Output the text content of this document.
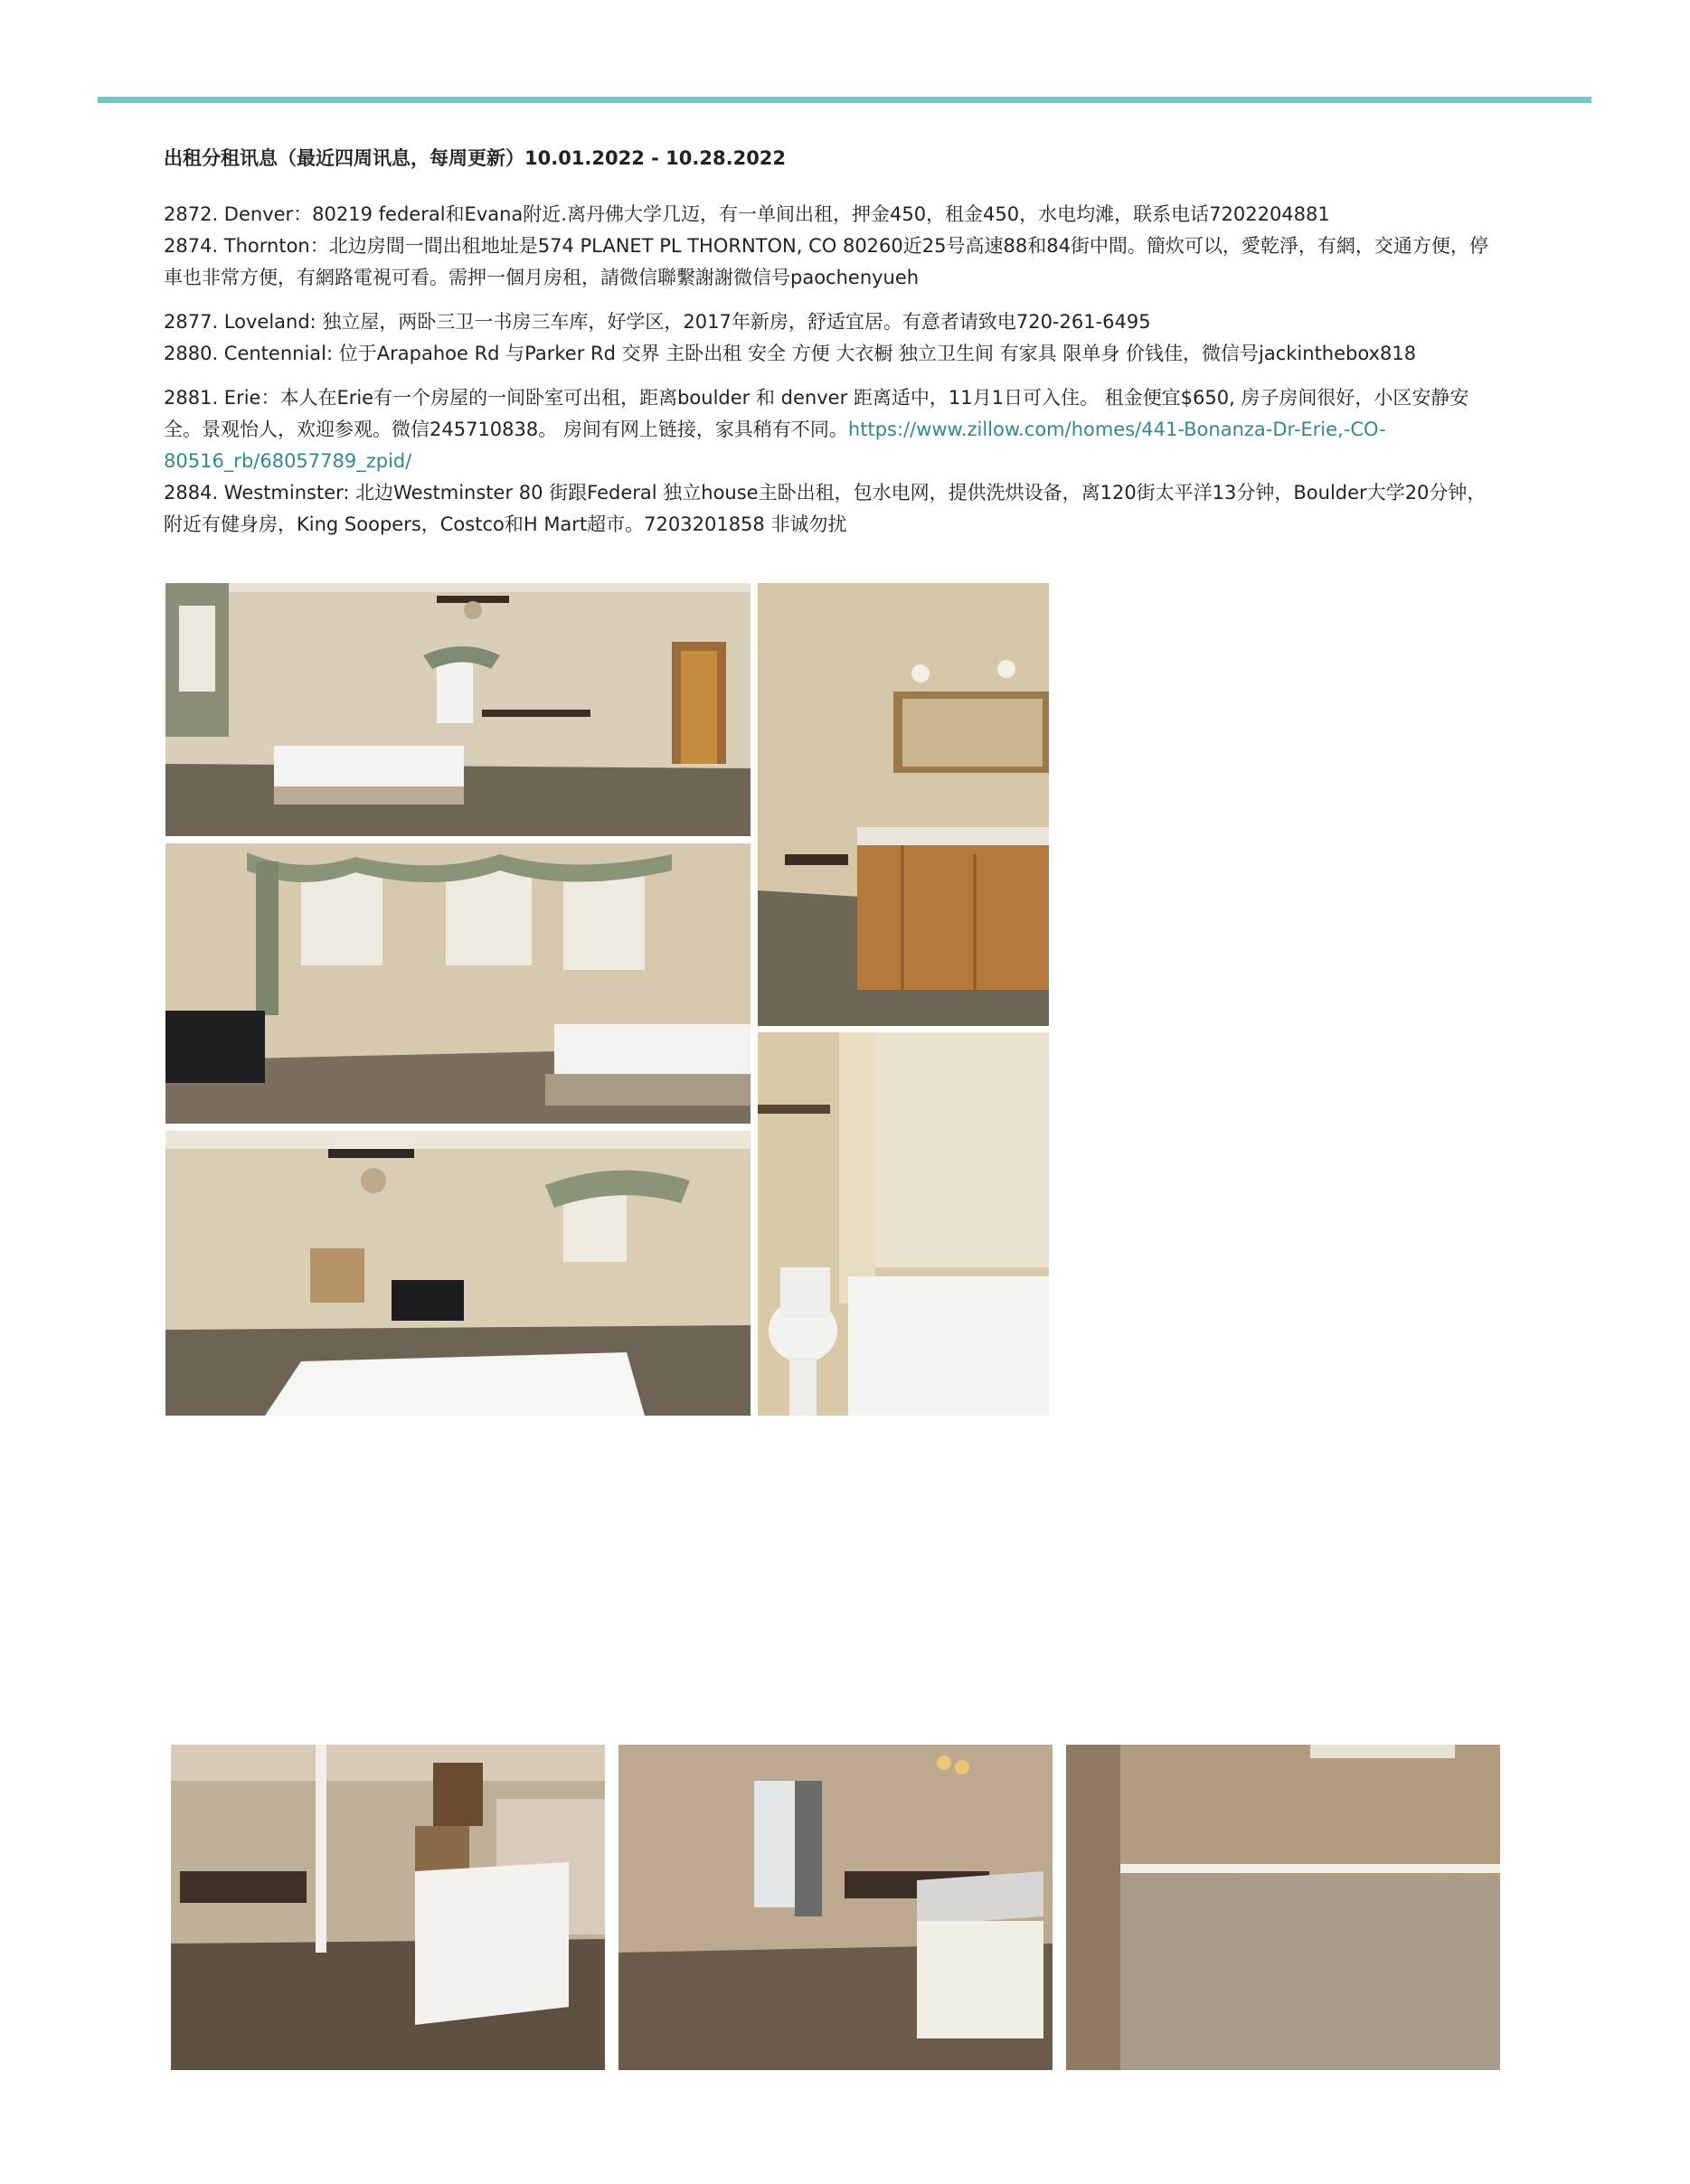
出租分租讯息（最近四周讯息，每周更新）10.01.2022 - 10.28.2022

2872. Denver：80219 federal和Evana附近.离丹佛大学几迈，有一单间出租，押金450，租金450，水电均滩，联系电话7202204881

2874. Thornton：北边房間一間出租地址是574 PLANET PL THORNTON, CO 80260近25号高速88和84街中間。簡炊可以，愛乾淨，有網，交通方便，停車也非常方便，有網路電視可看。需押一個月房租，請微信聯繫謝謝微信号paochenyueh

2877. Loveland: 独立屋，两卧三卫一书房三车库，好学区，2017年新房，舒适宜居。有意者请致电720-261-6495

2880. Centennial: 位于Arapahoe Rd 与Parker Rd 交界 主卧出租 安全 方便 大衣橱 独立卫生间 有家具 限单身 价钱佳，微信号jackinthebox818

2881. Erie：本人在Erie有一个房屋的一间卧室可出租，距离boulder 和 denver 距离适中，11月1日可入住。 租金便宜$650, 房子房间很好，小区安静安全。景观怡人，欢迎参观。微信245710838。 房间有网上链接，家具稍有不同。https://www.zillow.com/homes/441-Bonanza-Dr-Erie,-CO-80516_rb/68057789_zpid/

2884. Westminster: 北边Westminster 80 街跟Federal 独立house主卧出租，包水电网，提供洗烘设备，离120街太平洋13分钟，Boulder大学20分钟，附近有健身房，King Soopers，Costco和H Mart超市。7203201858 非诚勿扰
